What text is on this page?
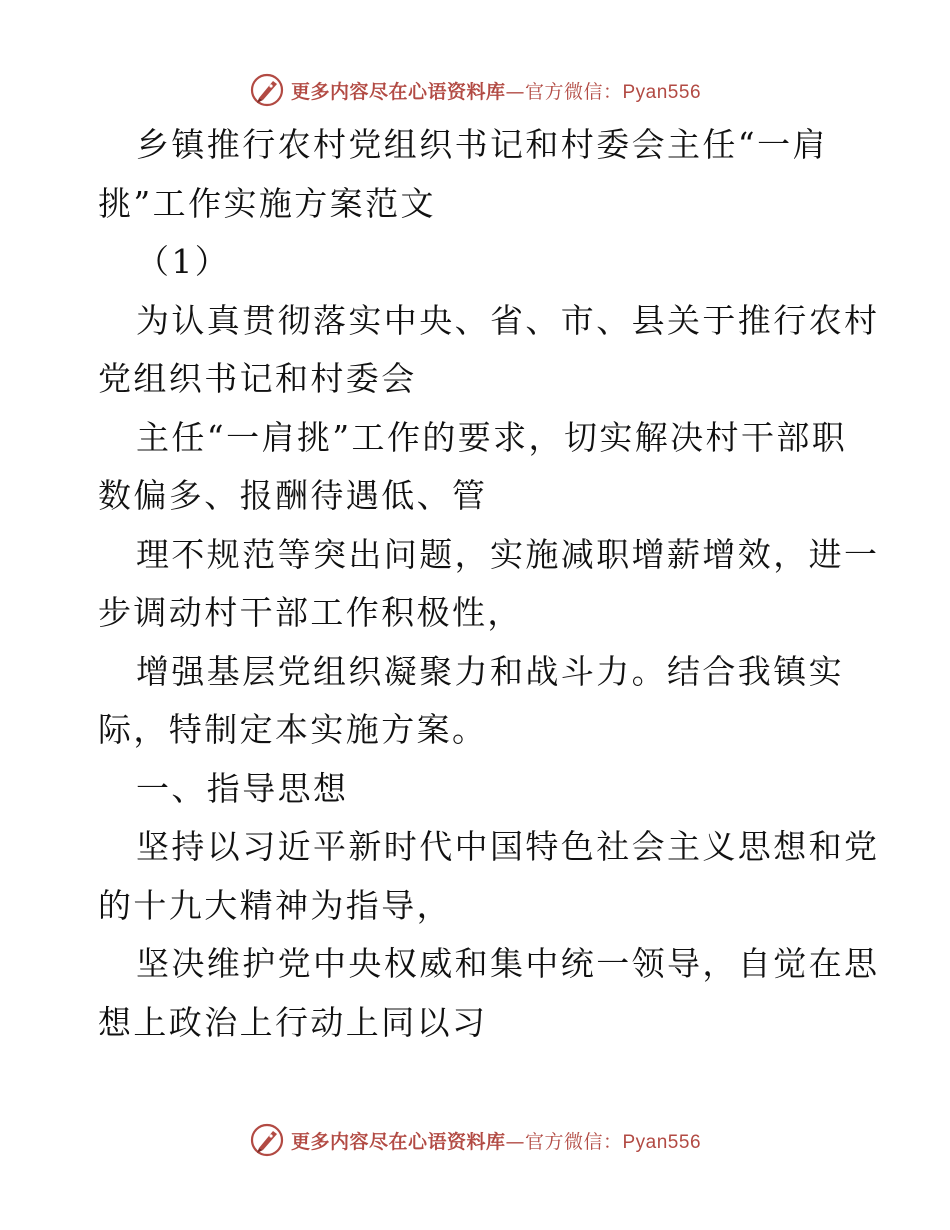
更多内容尽在心语资料库—官方微信：Pyan556
乡镇推行农村党组织书记和村委会主任“一肩
挑”工作实施方案范文
（1）
为认真贯彻落实中央、省、市、县关于推行农村
党组织书记和村委会
主任“一肩挑”工作的要求，切实解决村干部职
数偏多、报酬待遇低、管
理不规范等突出问题，实施减职增薪增效，进一
步调动村干部工作积极性，
增强基层党组织凝聚力和战斗力。结合我镇实
际，特制定本实施方案。
一、指导思想
坚持以习近平新时代中国特色社会主义思想和党
的十九大精神为指导，
坚决维护党中央权威和集中统一领导，自觉在思
想上政治上行动上同以习
更多内容尽在心语资料库—官方微信：Pyan556
